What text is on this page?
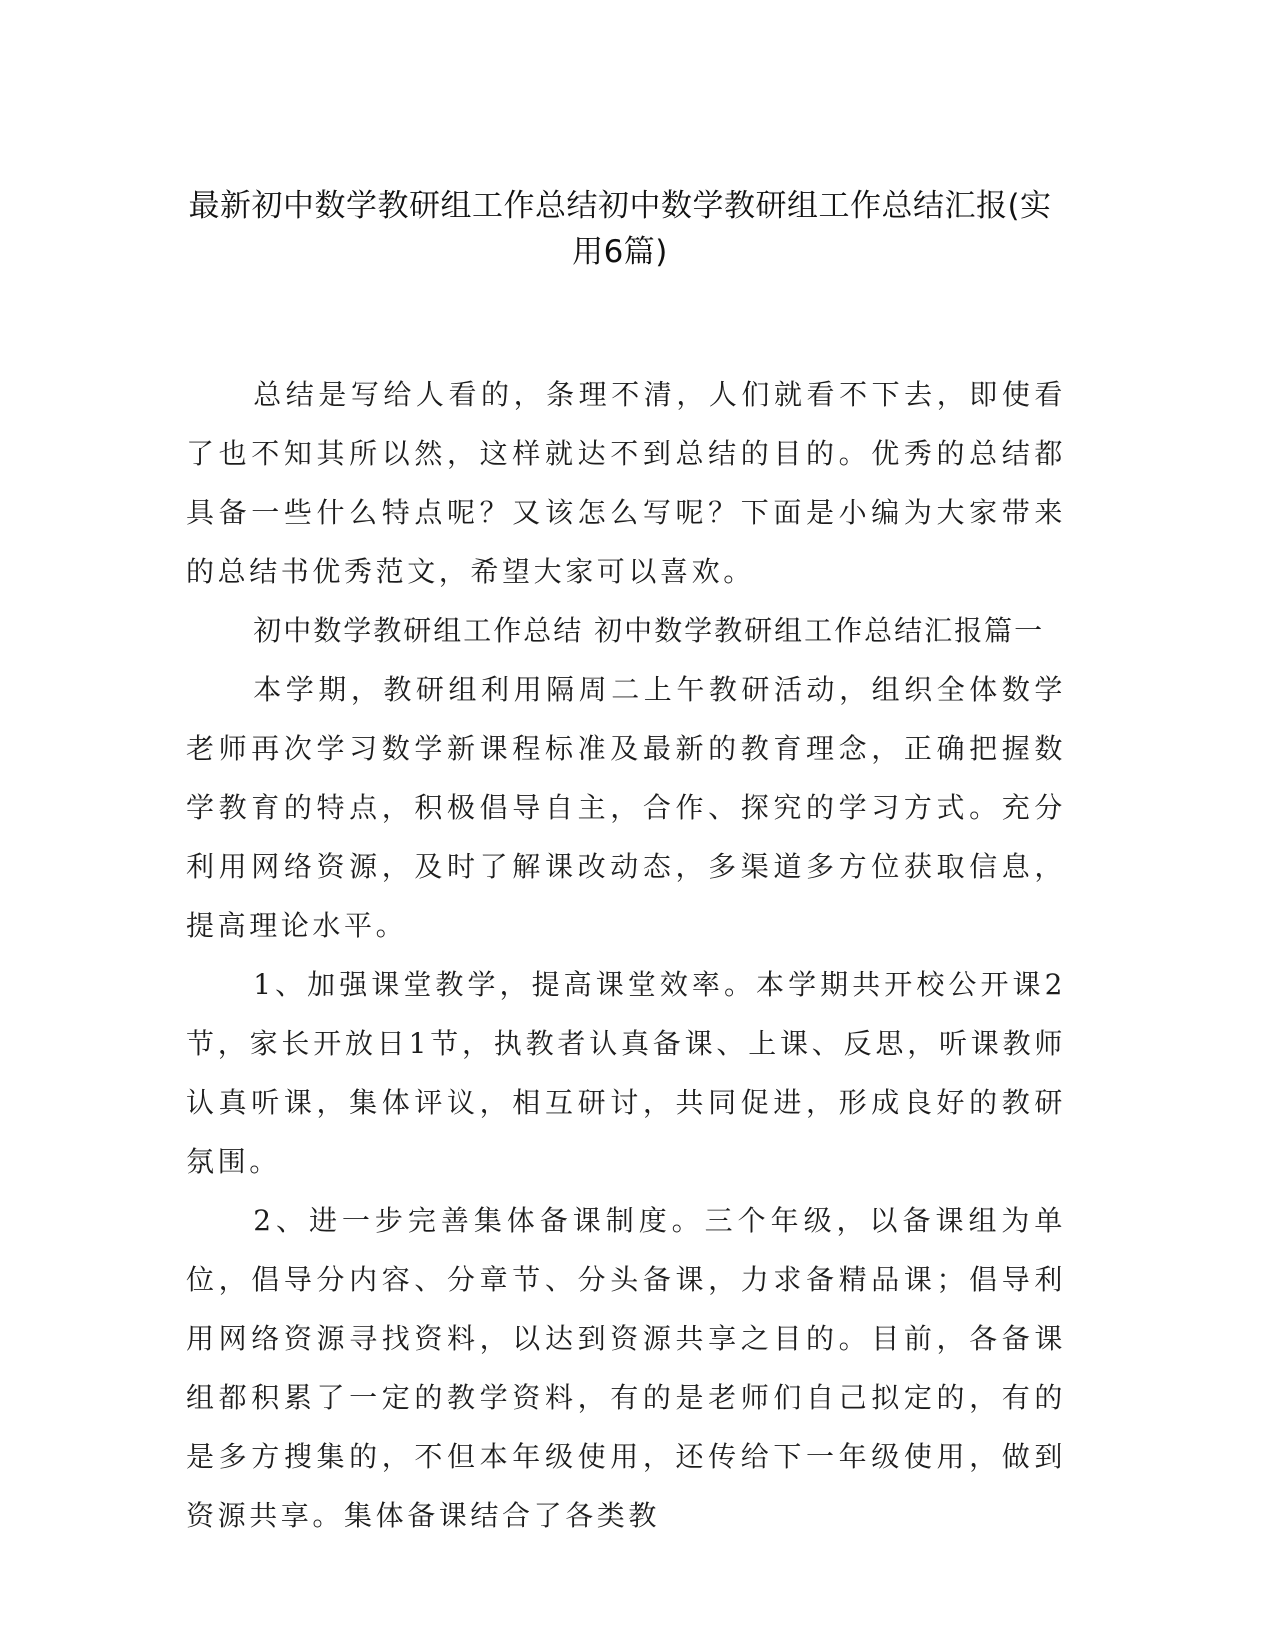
最新初中数学教研组工作总结初中数学教研组工作总结汇报(实用6篇)

总结是写给人看的，条理不清，人们就看不下去，即使看了也不知其所以然，这样就达不到总结的目的。优秀的总结都具备一些什么特点呢？又该怎么写呢？下面是小编为大家带来的总结书优秀范文，希望大家可以喜欢。

初中数学教研组工作总结 初中数学教研组工作总结汇报篇一

本学期，教研组利用隔周二上午教研活动，组织全体数学老师再次学习数学新课程标准及最新的教育理念，正确把握数学教育的特点，积极倡导自主，合作、探究的学习方式。充分利用网络资源，及时了解课改动态，多渠道多方位获取信息，提高理论水平。

1、加强课堂教学，提高课堂效率。本学期共开校公开课2节，家长开放日1节，执教者认真备课、上课、反思，听课教师认真听课，集体评议，相互研讨，共同促进，形成良好的教研氛围。

2、进一步完善集体备课制度。三个年级，以备课组为单位，倡导分内容、分章节、分头备课，力求备精品课；倡导利用网络资源寻找资料，以达到资源共享之目的。目前，各备课组都积累了一定的教学资料，有的是老师们自己拟定的，有的是多方搜集的，不但本年级使用，还传给下一年级使用，做到资源共享。集体备课结合了各类教
